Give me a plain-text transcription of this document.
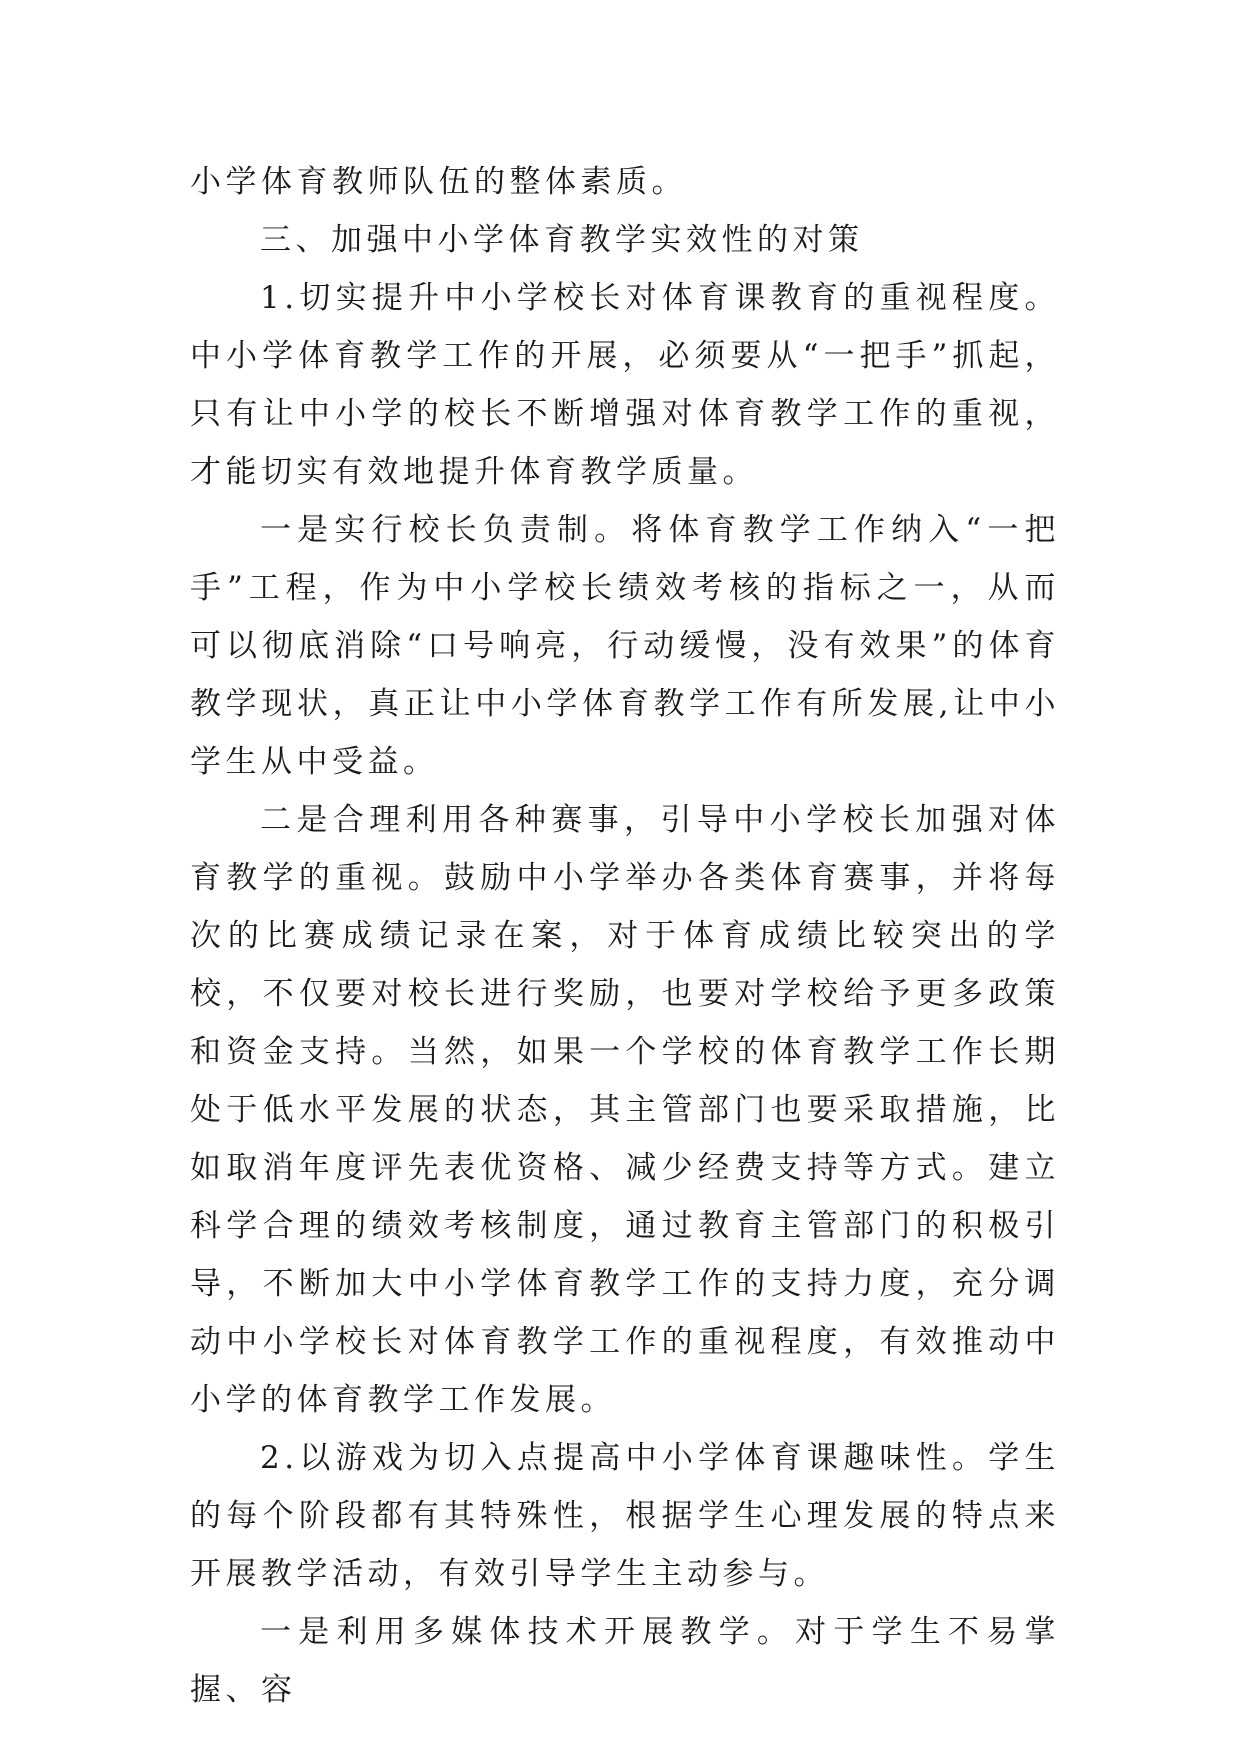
小学体育教师队伍的整体素质。

三、加强中小学体育教学实效性的对策

1.切实提升中小学校长对体育课教育的重视程度。中小学体育教学工作的开展，必须要从“一把手”抓起，只有让中小学的校长不断增强对体育教学工作的重视，才能切实有效地提升体育教学质量。

一是实行校长负责制。将体育教学工作纳入“一把手”工程，作为中小学校长绩效考核的指标之一，从而可以彻底消除“口号响亮，行动缓慢，没有效果”的体育教学现状，真正让中小学体育教学工作有所发展,让中小学生从中受益。

二是合理利用各种赛事，引导中小学校长加强对体育教学的重视。鼓励中小学举办各类体育赛事，并将每次的比赛成绩记录在案，对于体育成绩比较突出的学校，不仅要对校长进行奖励，也要对学校给予更多政策和资金支持。当然，如果一个学校的体育教学工作长期处于低水平发展的状态，其主管部门也要采取措施，比如取消年度评先表优资格、减少经费支持等方式。建立科学合理的绩效考核制度，通过教育主管部门的积极引导，不断加大中小学体育教学工作的支持力度，充分调动中小学校长对体育教学工作的重视程度，有效推动中小学的体育教学工作发展。

2.以游戏为切入点提高中小学体育课趣味性。学生的每个阶段都有其特殊性，根据学生心理发展的特点来开展教学活动，有效引导学生主动参与。

一是利用多媒体技术开展教学。对于学生不易掌握、容
